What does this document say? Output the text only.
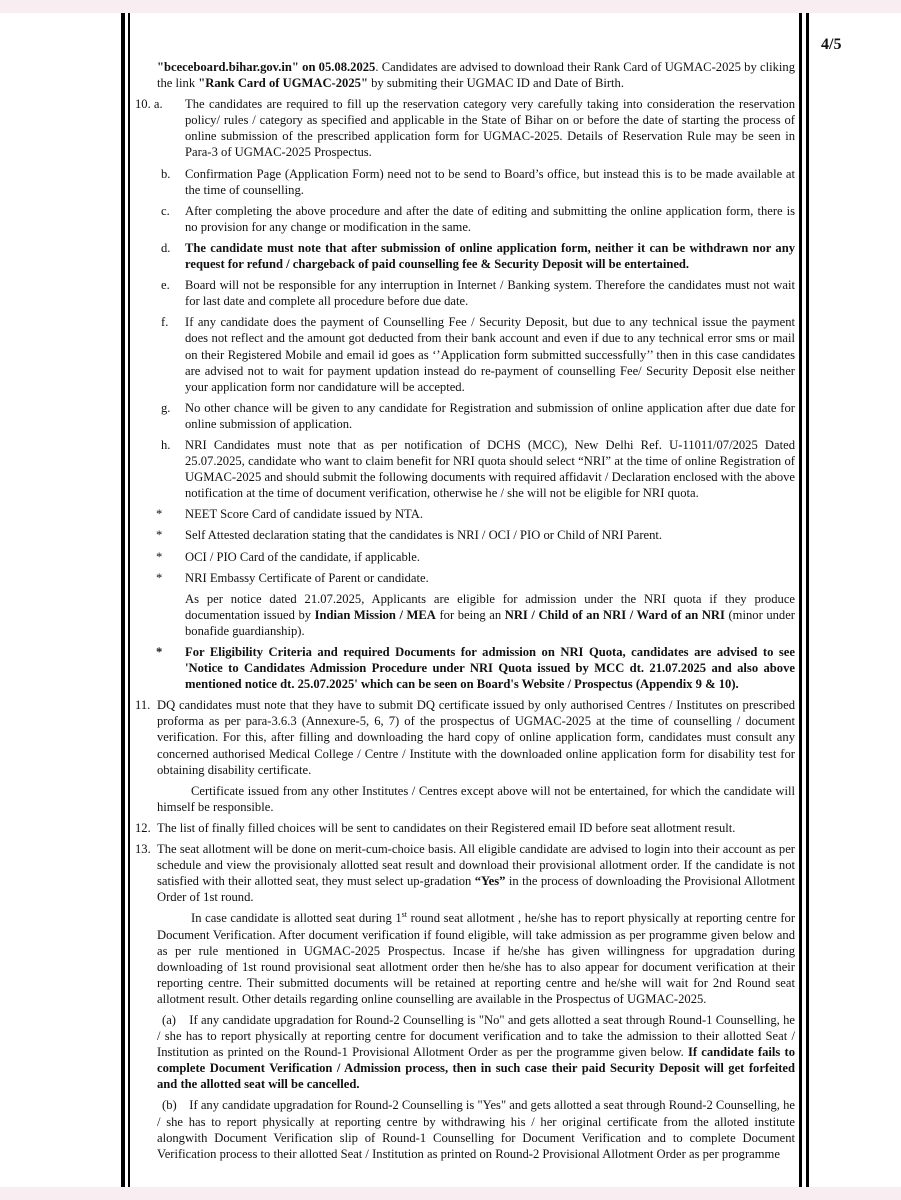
4/5
"bceceboard.bihar.gov.in" on 05.08.2025. Candidates are advised to download their Rank Card of UGMAC-2025 by cliking the link "Rank Card of UGMAC-2025" by submiting their UGMAC ID and Date of Birth.
10. a.	The candidates are required to fill up the reservation category very carefully taking into consideration the reservation policy/ rules / category as specified and applicable in the State of Bihar on or before the date of starting the process of online submission of the prescribed application form for UGMAC-2025. Details of Reservation Rule may be seen in Para-3 of UGMAC-2025 Prospectus.
b.	Confirmation Page (Application Form) need not to be send to Board’s office, but instead this is to be made available at the time of counselling.
c.	After completing the above procedure and after the date of editing and submitting the online application form, there is no provision for any change or modification in the same.
d.	The candidate must note that after submission of online application form, neither it can be withdrawn nor any request for refund / chargeback of paid counselling fee & Security Deposit will be entertained.
e.	Board will not be responsible for any interruption in Internet / Banking system. Therefore the candidates must not wait for last date and complete all procedure before due date.
f.	If any candidate does the payment of Counselling Fee / Security Deposit, but due to any technical issue the payment does not reflect and the amount got deducted from their bank account and even if due to any technical error sms or mail on their Registered Mobile and email id goes as ‘’Application form submitted successfully’’ then in this case candidates are advised not to wait for payment updation instead do re-payment of counselling Fee/ Security Deposit else neither your application form nor candidature will be accepted.
g.	No other chance will be given to any candidate for Registration and submission of online application after due date for online submission of application.
h.	NRI Candidates must note that as per notification of DCHS (MCC), New Delhi Ref. U-11011/07/2025 Dated 25.07.2025, candidate who want to claim benefit for NRI quota should select “NRI” at the time of online Registration of UGMAC-2025 and should submit the following documents with required affidavit / Declaration enclosed with the above notification at the time of document verification, otherwise he / she will not be eligible for NRI quota.
*	NEET Score Card of candidate issued by NTA.
*	Self Attested declaration stating that the candidates is NRI / OCI / PIO or Child of NRI Parent.
*	OCI / PIO Card of the candidate, if applicable.
*	NRI Embassy Certificate of Parent or candidate.
As per notice dated 21.07.2025, Applicants are eligible for admission under the NRI quota if they produce documentation issued by Indian Mission / MEA for being an NRI / Child of an NRI / Ward of an NRI (minor under bonafide guardianship).
*	For Eligibility Criteria and required Documents for admission on NRI Quota, candidates are advised to see 'Notice to Candidates Admission Procedure under NRI Quota issued by MCC dt. 21.07.2025 and also above mentioned notice dt. 25.07.2025' which can be seen on Board's Website / Prospectus (Appendix 9 & 10).
11. DQ candidates must note that they have to submit DQ certificate issued by only authorised Centres / Institutes on prescribed proforma as per para-3.6.3 (Annexure-5, 6, 7) of the prospectus of UGMAC-2025 at the time of counselling / document verification. For this, after filling and downloading the hard copy of online application form, candidates must consult any concerned authorised Medical College / Centre / Institute with the downloaded online application form for disability test for obtaining disability certificate.
Certificate issued from any other Institutes / Centres except above will not be entertained, for which the candidate will himself be responsible.
12. The list of finally filled choices will be sent to candidates on their Registered email ID before seat allotment result.
13. The seat allotment will be done on merit-cum-choice basis. All eligible candidate are advised to login into their account as per schedule and view the provisionaly allotted seat result and download their provisional allotment order. If the candidate is not satisfied with their allotted seat, they must select up-gradation “Yes” in the process of downloading the Provisional Allotment Order of 1st round.
In case candidate is allotted seat during 1st round seat allotment , he/she has to report physically at reporting centre for Document Verification. After document verification if found eligible, will take admission as per programme given below and as per rule mentioned in UGMAC-2025 Prospectus. Incase if he/she has given willingness for upgradation during downloading of 1st round provisional seat allotment order then he/she has to also appear for document verification at their reporting centre. Their submitted documents will be retained at reporting centre and he/she will wait for 2nd Round seat allotment result. Other details regarding online counselling are available in the Prospectus of UGMAC-2025.
(a) If any candidate upgradation for Round-2 Counselling is "No" and gets allotted a seat through Round-1 Counselling, he / she has to report physically at reporting centre for document verification and to take the admission to their allotted Seat / Institution as printed on the Round-1 Provisional Allotment Order as per the programme given below. If candidate fails to complete Document Verification / Admission process, then in such case their paid Security Deposit will get forfeited and the allotted seat will be cancelled.
(b) If any candidate upgradation for Round-2 Counselling is "Yes" and gets allotted a seat through Round-2 Counselling, he / she has to report physically at reporting centre by withdrawing his / her original certificate from the alloted institute alongwith Document Verification slip of Round-1 Counselling for Document Verification and to complete Document Verification process to their allotted Seat / Institution as printed on Round-2 Provisional Allotment Order as per programme
